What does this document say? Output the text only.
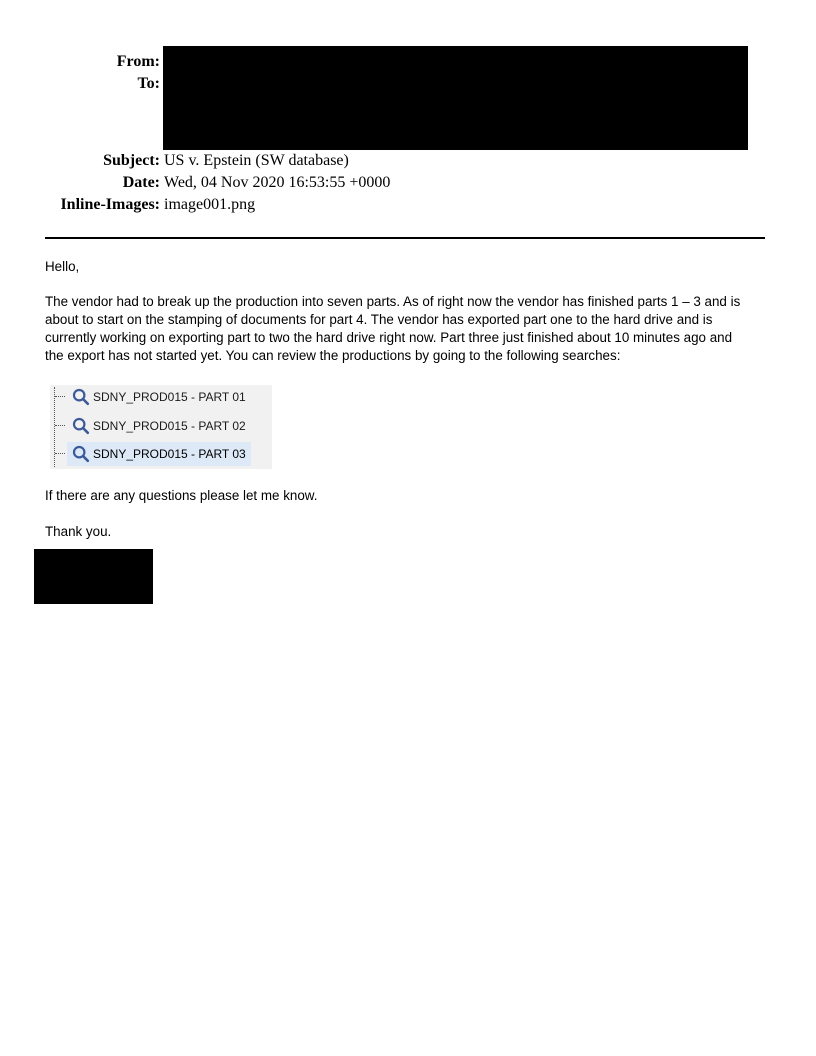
From:
To:
Subject: US v. Epstein (SW database)
Date: Wed, 04 Nov 2020 16:53:55 +0000
Inline-Images: image001.png
Hello,
The vendor had to break up the production into seven parts. As of right now the vendor has finished parts 1 – 3 and is
about to start on the stamping of documents for part 4. The vendor has exported part one to the hard drive and is
currently working on exporting part to two the hard drive right now. Part three just finished about 10 minutes ago and
the export has not started yet. You can review the productions by going to the following searches:
SDNY_PROD015 - PART 01
SDNY_PROD015 - PART 02
SDNY_PROD015 - PART 03
If there are any questions please let me know.
Thank you.
